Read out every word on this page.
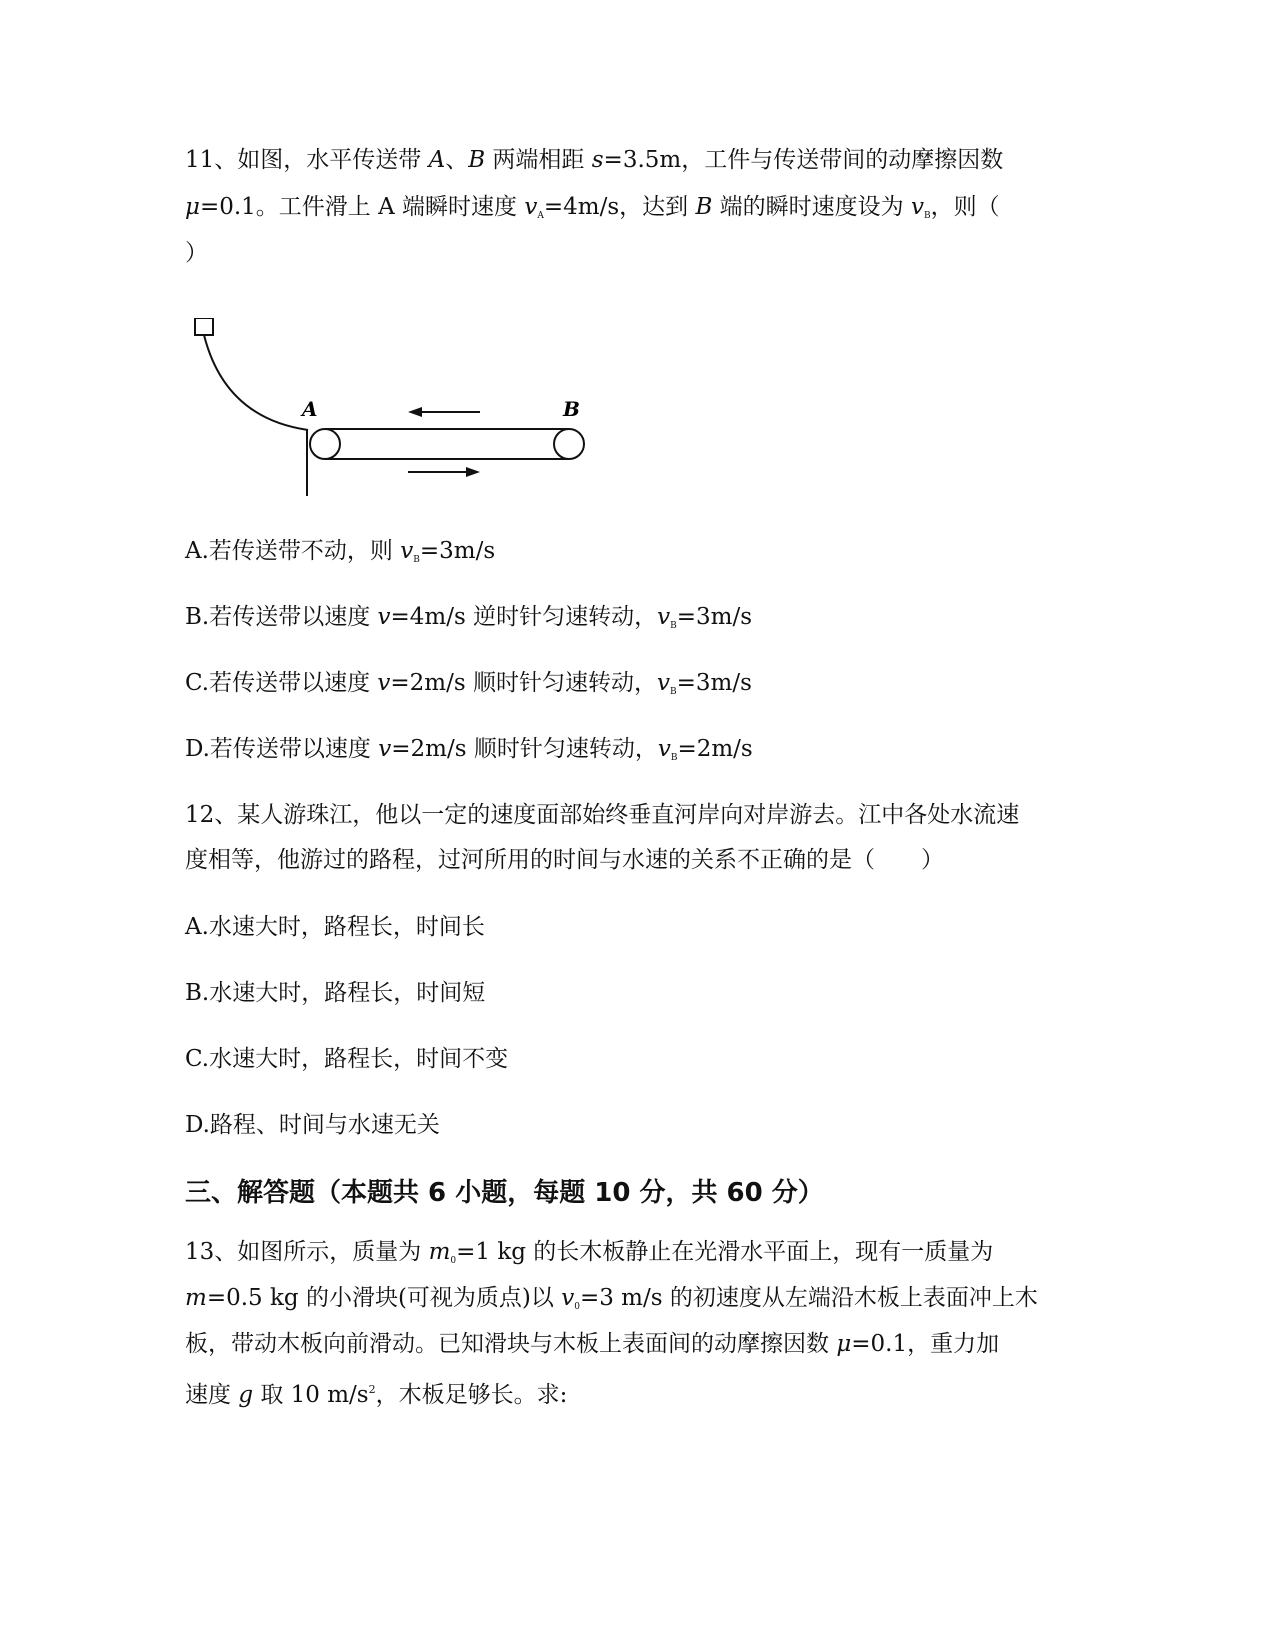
11、如图，水平传送带 A、B 两端相距 s=3.5m，工件与传送带间的动摩擦因数
μ=0.1。工件滑上 A 端瞬时速度 $v_A=4m/s$，达到 B 端的瞬时速度设为 $v_B$，则（
）
A	B
A.若传送带不动，则 $v_B=3m/s$
B.若传送带以速度 v=4m/s 逆时针匀速转动，$v_B=3m/s$
C.若传送带以速度 v=2m/s 顺时针匀速转动，$v_B=3m/s$
D.若传送带以速度 v=2m/s 顺时针匀速转动，$v_B=2m/s$
12、某人游珠江，他以一定的速度面部始终垂直河岸向对岸游去。江中各处水流速
度相等，他游过的路程，过河所用的时间与水速的关系不正确的是（　　）
A.水速大时，路程长，时间长
B.水速大时，路程长，时间短
C.水速大时，路程长，时间不变
D.路程、时间与水速无关
三、解答题（本题共 6 小题，每题 10 分，共 60 分）
13、如图所示，质量为 $m_0=1$ kg 的长木板静止在光滑水平面上，现有一质量为
m=0.5 kg 的小滑块(可视为质点)以 $v_0=3$ m/s 的初速度从左端沿木板上表面冲上木
板，带动木板向前滑动。已知滑块与木板上表面间的动摩擦因数 μ=0.1，重力加
速度 g 取 10 $m/s^2$，木板足够长。求:
